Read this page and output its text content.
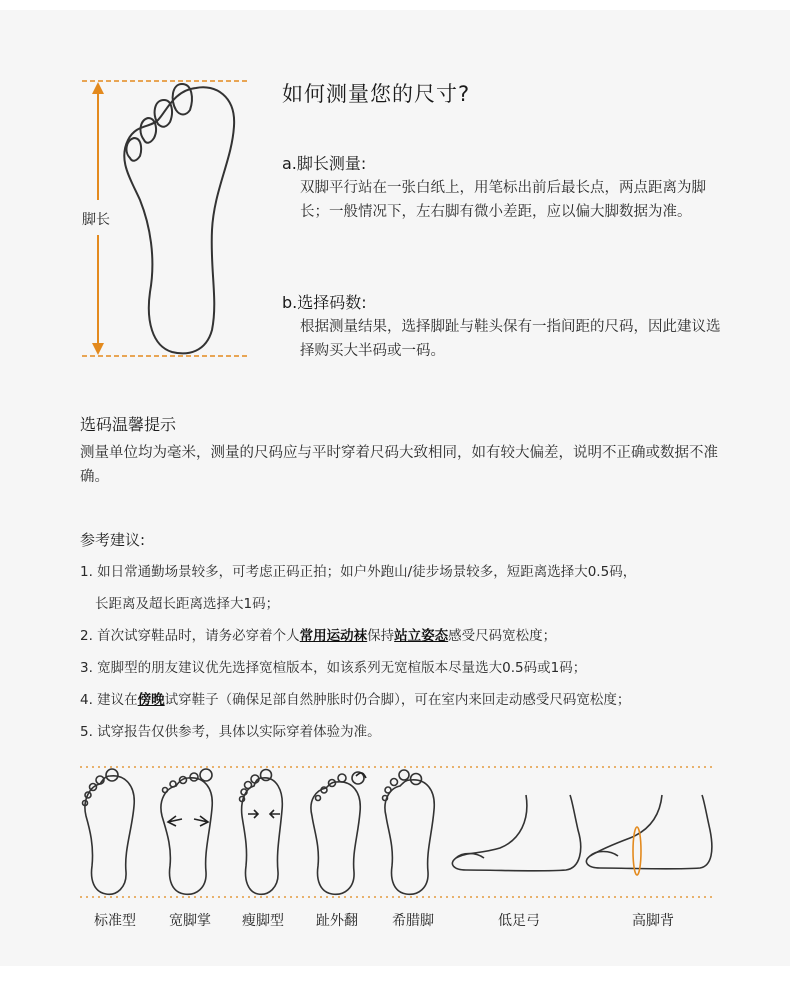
脚长
如何测量您的尺寸?
a.脚长测量:
双脚平行站在一张白纸上，用笔标出前后最长点，两点距离为脚长；一般情况下，左右脚有微小差距，应以偏大脚数据为准。
b.选择码数:
根据测量结果，选择脚趾与鞋头保有一指间距的尺码，因此建议选择购买大半码或一码。
选码温馨提示
测量单位均为毫米，测量的尺码应与平时穿着尺码大致相同，如有较大偏差，说明不正确或数据不准确。
参考建议:
1. 如日常通勤场景较多，可考虑正码正拍；如户外跑山/徒步场景较多，短距离选择大0.5码，
长距离及超长距离选择大1码；
2. 首次试穿鞋品时，请务必穿着个人常用运动袜保持站立姿态感受尺码宽松度；
3. 宽脚型的朋友建议优先选择宽楦版本，如该系列无宽楦版本尽量选大0.5码或1码；
4. 建议在傍晚试穿鞋子（确保足部自然肿胀时仍合脚），可在室内来回走动感受尺码宽松度；
5. 试穿报告仅供参考，具体以实际穿着体验为准。
标准型	宽脚掌	瘦脚型	趾外翻	希腊脚	低足弓	高脚背
